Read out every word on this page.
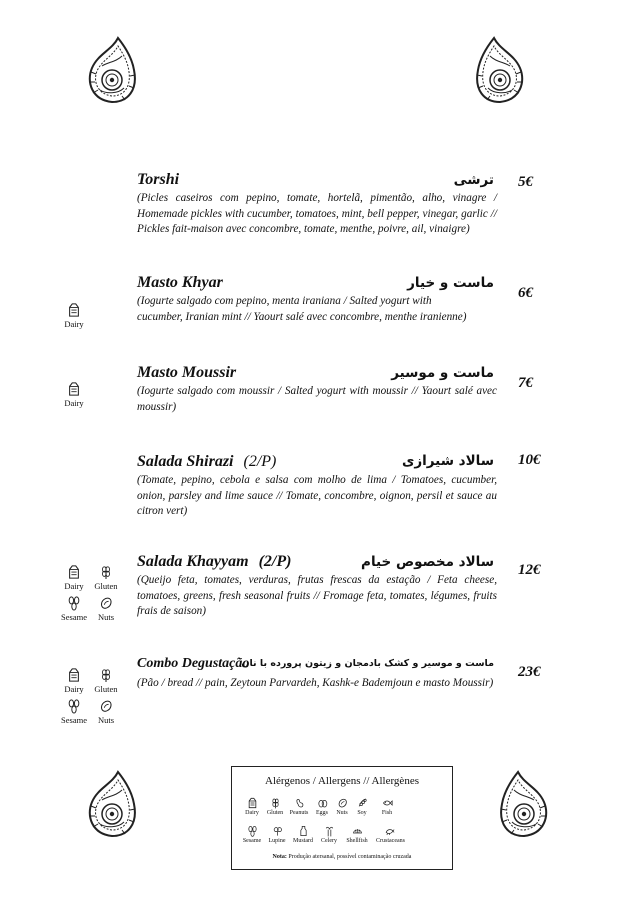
Torshi
(Picles caseiros com pepino, tomate, hortelã, pimentão, alho, vinagre / Homemade pickles with cucumber, tomatoes, mint, bell pepper, vinegar, garlic // Pickles fait-maison avec concombre, tomate, menthe, poivre, ail, vinaigre)
ترشی 5€
Masto Khyar
(Iogurte salgado com pepino, menta iraniana / Salted yogurt with cucumber, Iranian mint // Yaourt salé avec concombre, menthe iranienne)
ماست و خیار
6€
Dairy
Masto Moussir
(Iogurte salgado com moussir / Salted yogurt with moussir // Yaourt salé avec moussir)
ماست و موسیر
7€
Dairy
Salada Shirazi (2/P)
(Tomate, pepino, cebola e salsa com molho de lima / Tomatoes, cucumber, onion, parsley and lime sauce // Tomate, concombre, oignon, persil et sauce au citron vert)
سالاد شیرازی 10€
Salada Khayyam (2/P)
(Queijo feta, tomates, verduras, frutas frescas da estação / Feta cheese, tomatoes, greens, fresh seasonal fruits // Fromage feta, tomates, légumes, fruits frais de saison)
سالاد مخصوص خیام 12€
Dairy	Gluten
Sesame	Nuts
Combo Degustação
(Pão / bread // pain, Zeytoun Parvardeh, Kashk-e Bademjoun e masto Moussir)
ماست و موسیر و کشک بادمجان و زیتون پرورده با نان
23€
Dairy	Gluten
Sesame	Nuts
Alérgenos / Allergens // Allergènes
Dairy	Gluten	Peanuts	Eggs	Nuts	Soy	Fish
Sesame	Lupine	Mustard	Celery	Shellfish	Crustaceans
Nota: Produção atersanal, possível contaminação cruzada
